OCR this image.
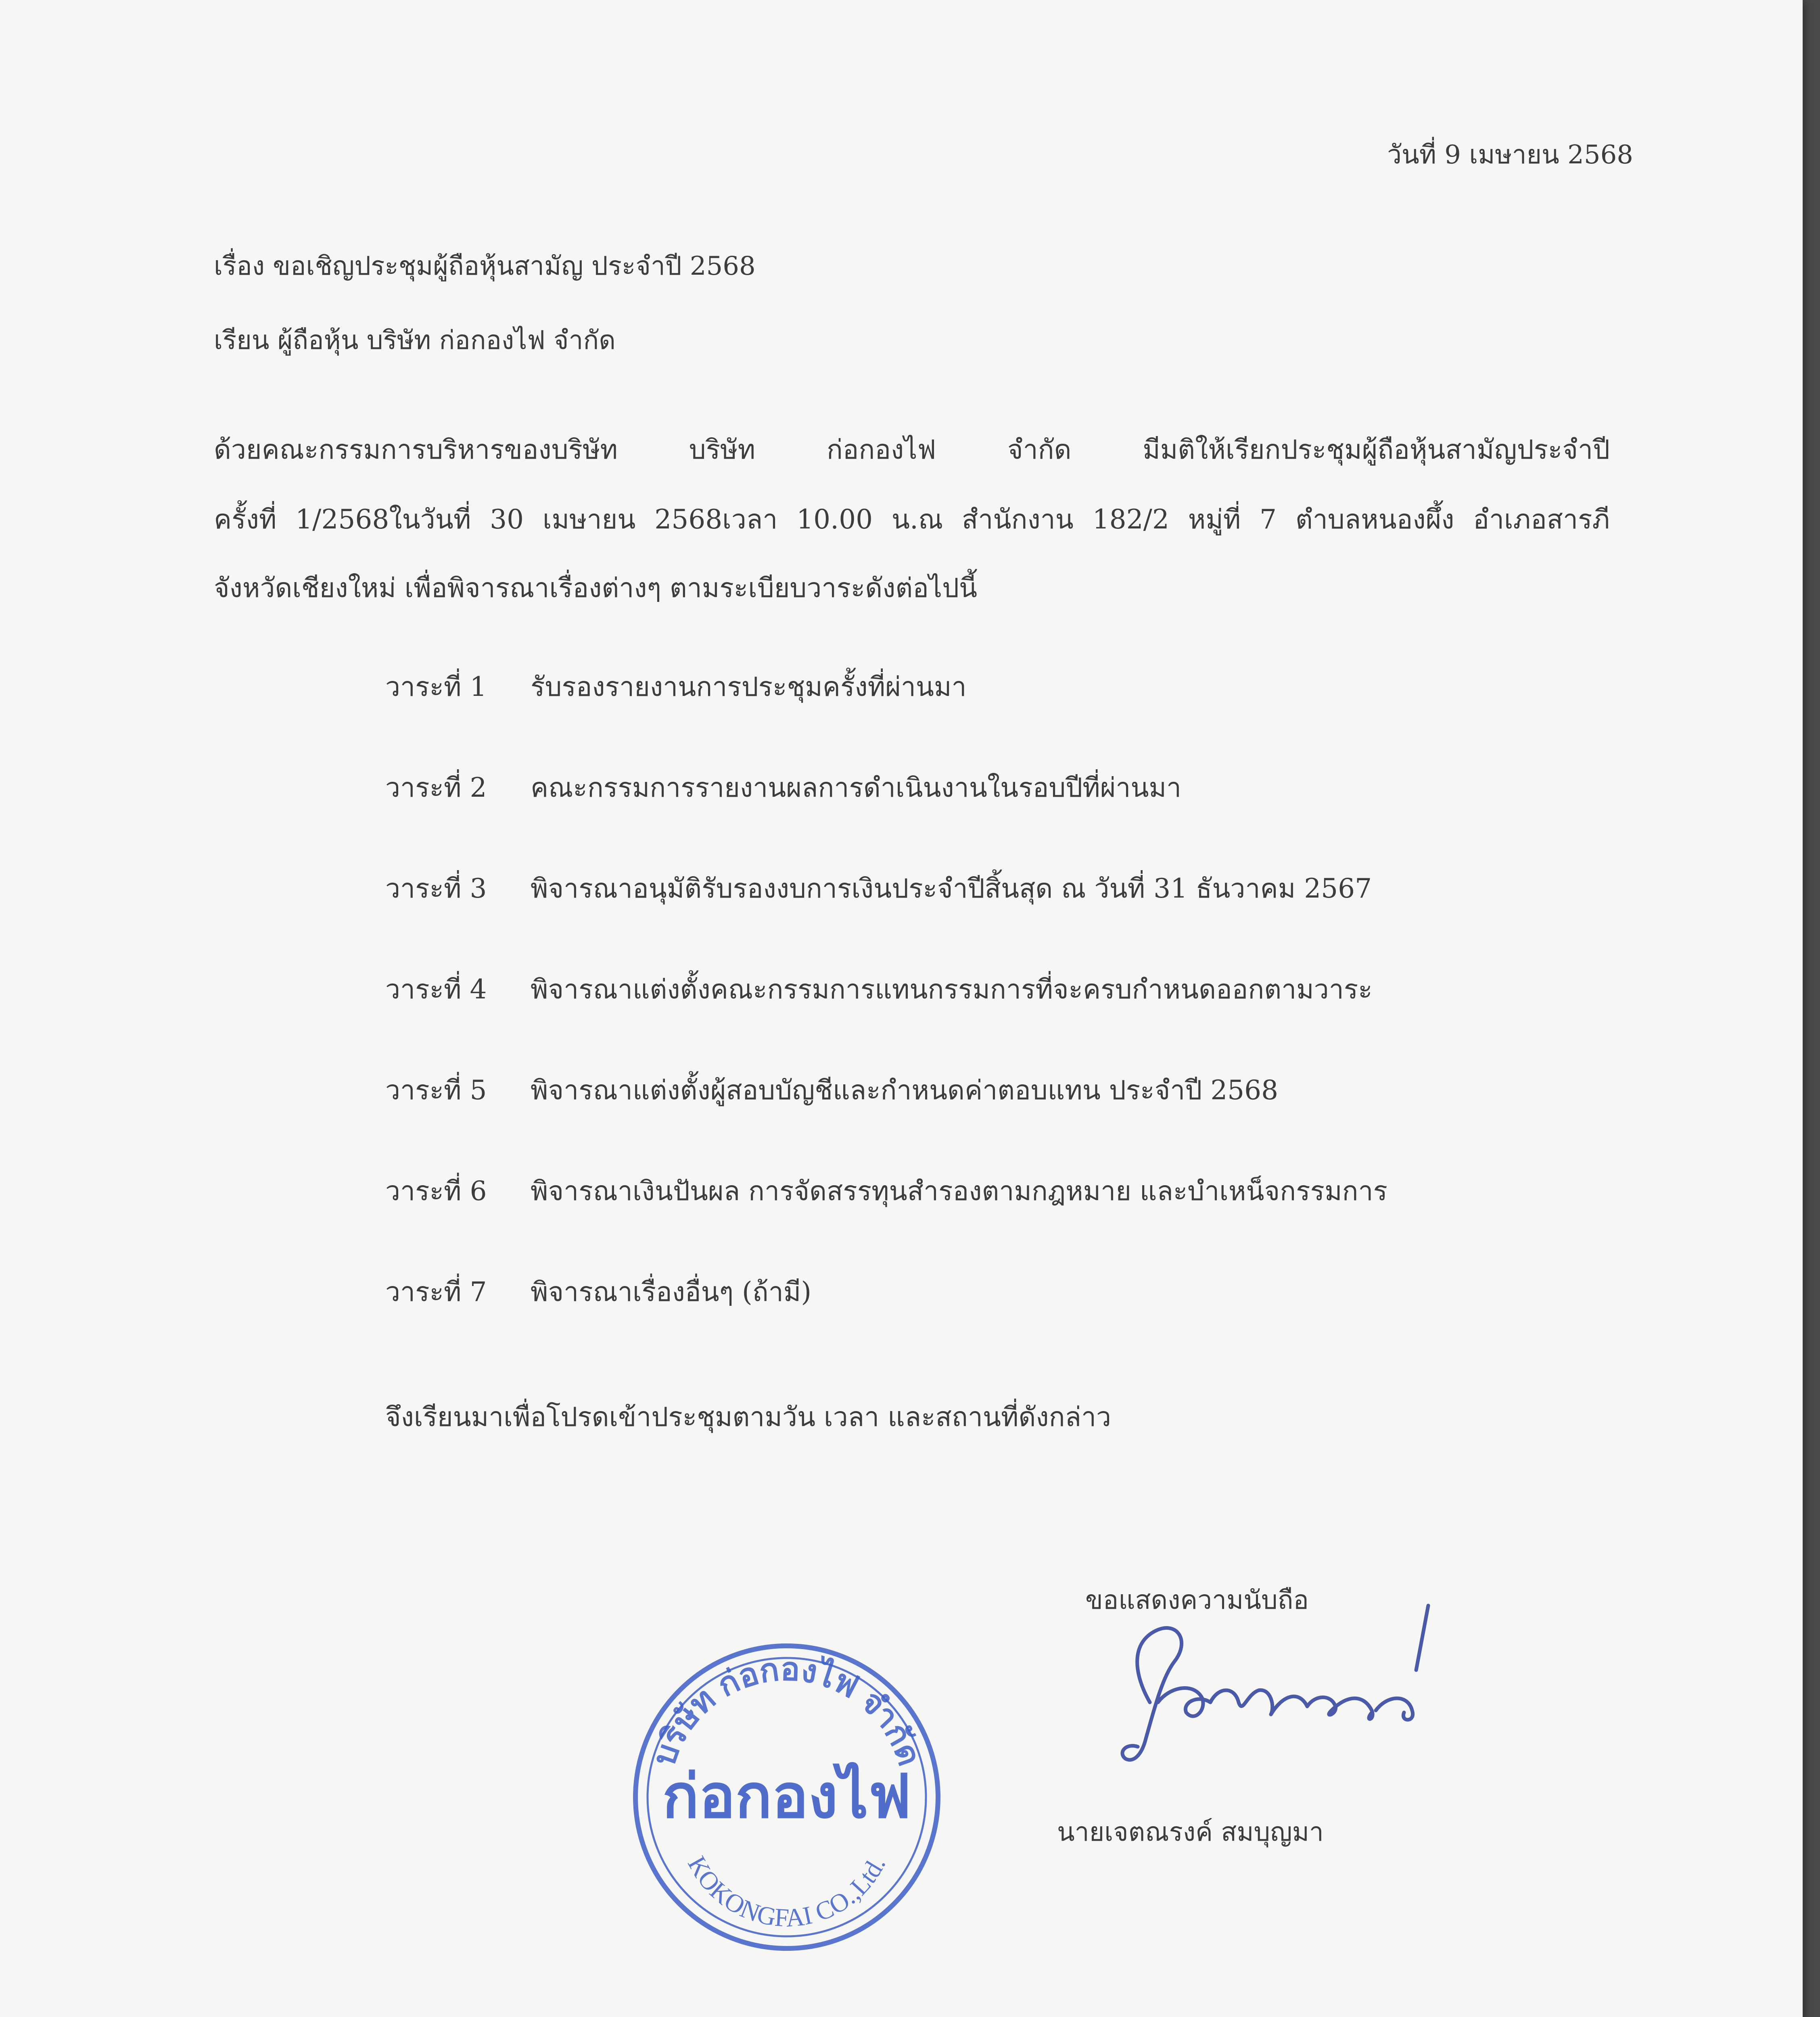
วันที่ 9 เมษายน 2568
เรื่อง ขอเชิญประชุมผู้ถือหุ้นสามัญ ประจำปี 2568
เรียน ผู้ถือหุ้น บริษัท ก่อกองไฟ จำกัด
ด้วยคณะกรรมการบริหารของบริษัท บริษัท ก่อกองไฟ จำกัด มีมติให้เรียกประชุมผู้ถือหุ้นสามัญประจำปี
ครั้งที่ 1/2568ในวันที่ 30 เมษายน 2568เวลา 10.00 น.ณ สำนักงาน 182/2 หมู่ที่ 7 ตำบลหนองผึ้ง อำเภอสารภี
จังหวัดเชียงใหม่ เพื่อพิจารณาเรื่องต่างๆ ตามระเบียบวาระดังต่อไปนี้
วาระที่ 1 รับรองรายงานการประชุมครั้งที่ผ่านมา
วาระที่ 2 คณะกรรมการรายงานผลการดำเนินงานในรอบปีที่ผ่านมา
วาระที่ 3 พิจารณาอนุมัติรับรองงบการเงินประจำปีสิ้นสุด ณ วันที่ 31 ธันวาคม 2567
วาระที่ 4 พิจารณาแต่งตั้งคณะกรรมการแทนกรรมการที่จะครบกำหนดออกตามวาระ
วาระที่ 5 พิจารณาแต่งตั้งผู้สอบบัญชีและกำหนดค่าตอบแทน ประจำปี 2568
วาระที่ 6 พิจารณาเงินปันผล การจัดสรรทุนสำรองตามกฎหมาย และบำเหน็จกรรมการ
วาระที่ 7 พิจารณาเรื่องอื่นๆ (ถ้ามี)
จึงเรียนมาเพื่อโปรดเข้าประชุมตามวัน เวลา และสถานที่ดังกล่าว
ขอแสดงความนับถือ
บริษัท ก่อกองไฟ จำกัด
ก่อกองไฟ
KOKONGFAI CO.,Ltd.
นายเจตณรงค์ สมบุญมา
